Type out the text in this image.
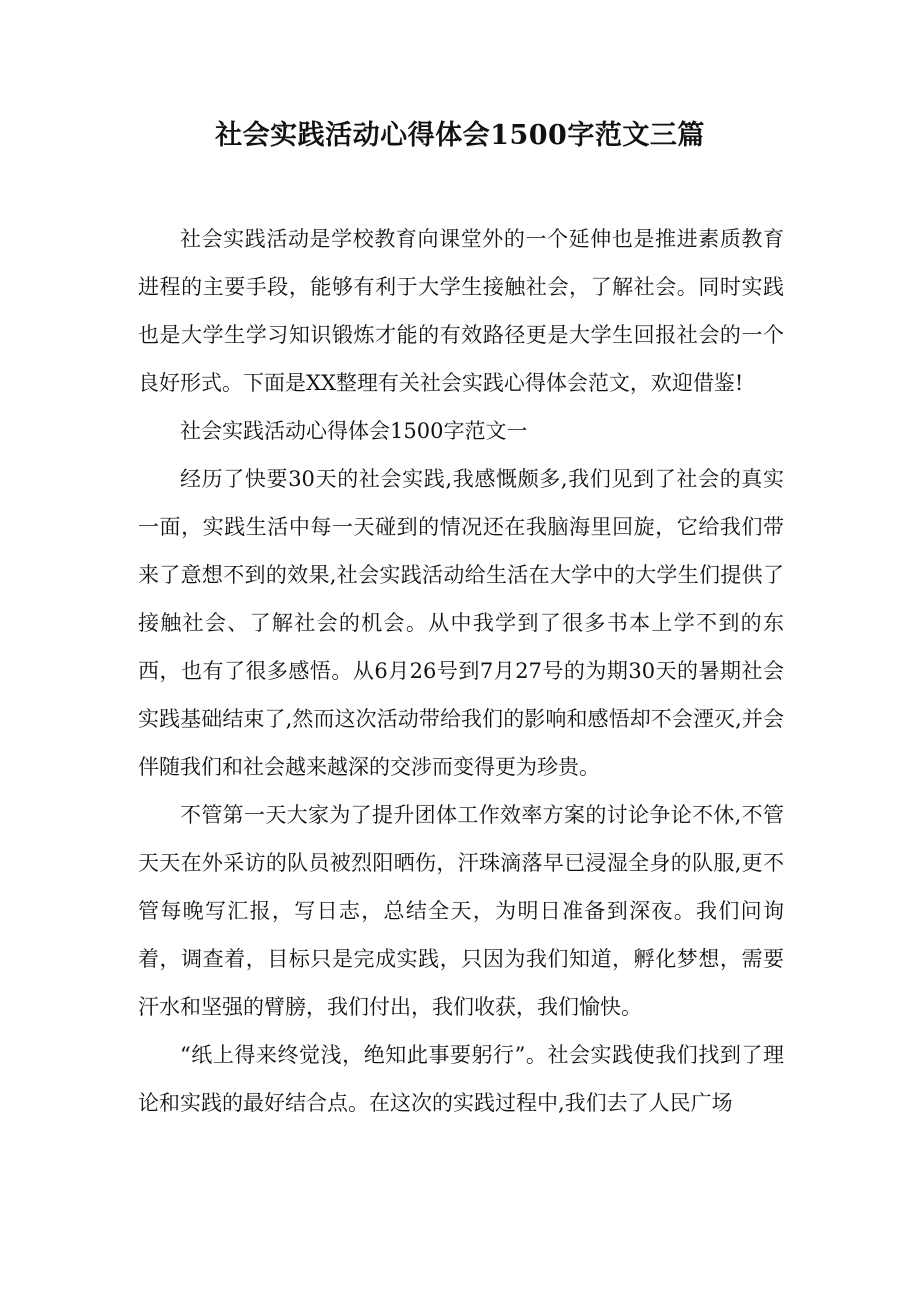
社会实践活动心得体会1500字范文三篇

社会实践活动是学校教育向课堂外的一个延伸也是推进素质教育进程的主要手段，能够有利于大学生接触社会，了解社会。同时实践也是大学生学习知识锻炼才能的有效路径更是大学生回报社会的一个良好形式。下面是XX整理有关社会实践心得体会范文，欢迎借鉴!

社会实践活动心得体会1500字范文一

经历了快要30天的社会实践,我感慨颇多,我们见到了社会的真实一面，实践生活中每一天碰到的情况还在我脑海里回旋，它给我们带来了意想不到的效果,社会实践活动给生活在大学中的大学生们提供了接触社会、了解社会的机会。从中我学到了很多书本上学不到的东西，也有了很多感悟。从6月26号到7月27号的为期30天的暑期社会实践基础结束了,然而这次活动带给我们的影响和感悟却不会湮灭,并会伴随我们和社会越来越深的交涉而变得更为珍贵。

不管第一天大家为了提升团体工作效率方案的讨论争论不休,不管天天在外采访的队员被烈阳晒伤，汗珠滴落早已浸湿全身的队服,更不管每晚写汇报，写日志，总结全天，为明日准备到深夜。我们问询着，调查着，目标只是完成实践，只因为我们知道，孵化梦想，需要汗水和坚强的臂膀，我们付出，我们收获，我们愉快。

“纸上得来终觉浅，绝知此事要躬行”。社会实践使我们找到了理论和实践的最好结合点。在这次的实践过程中,我们去了人民广场
